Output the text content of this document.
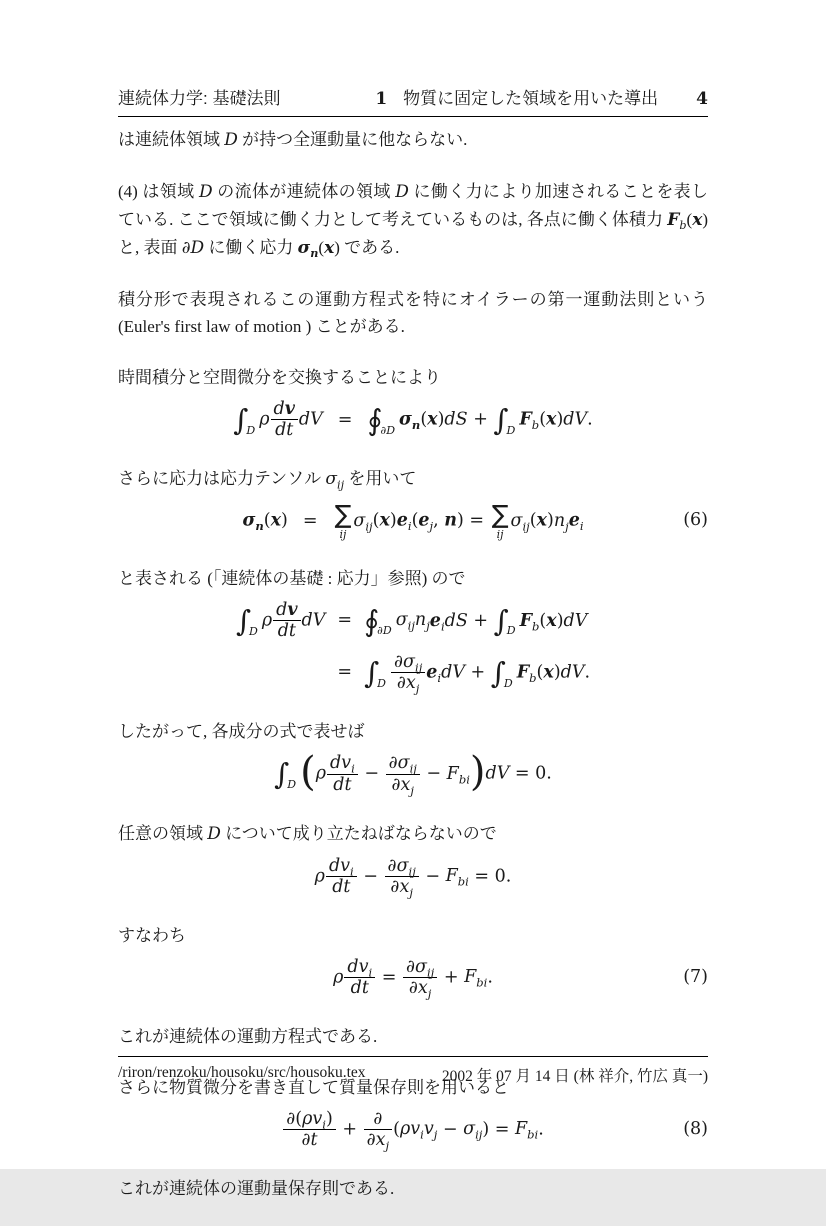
連続体力学: 基礎法則	1 物質に固定した領域を用いた導出 4

は連続体領域 D が持つ全運動量に他ならない.

(4) は領域 D の流体が連続体の領域 D に働く力により加速されることを表している. ここで領域に働く力として考えているものは, 各点に働く体積力 $F_b(x)$ と, 表面 ∂D に働く応力 $\sigma_n(x)$ である.

積分形で表現されるこの運動方程式を特にオイラーの第一運動法則という (Euler's first law of motion ) ことがある.

時間積分と空間微分を交換することにより

$\int D\rho \frac{dv}{dt}$ dV = $∮\partial D\sigma_n(x)dS + \int DF_b(x)dV$.

さらに応力は応力テンソル $\sigma_{ij}$ を用いて

$\sigma_n(x)$ = ∑
ij
$\sigma_{ij}(x)e_i(e_j$, n) = ∑
ij
$\sigma_{ij}(x)n_je_i$	(6)

と表される (「連続体の基礎 : 応力」参照) ので

$\int D\rho \frac{dv}{dt}$ dV = $∮\partial D\sigma_{ij}n_je_idS + \int DF_b(x)dV$
= ∫D
$\partial\sigma_{ij}$
$\partial x_j$
$e_idV + \int DF_b(x)dV$.

したがって, 各成分の式で表せば

∫D (ρ
$dv_i$
dt
−
$\partial\sigma_{ij}$
$\partial x_j$
− $F_{bi})dV = 0$.

任意の領域 D について成り立たねばならないので

ρ
$dv_i$
dt
−
$\partial\sigma_{ij}$
$\partial x_j$
− $F_{bi} = 0$.

すなわち

ρ
$dv_i$
dt
=
$\partial\sigma_{ij}$
$\partial x_j$
+ $F_{bi}$.	(7)

これが連続体の運動方程式である.

さらに物質微分を書き直して質量保存則を用いると

$\partial(\rho v_i)$
∂t
+
∂
$\partial x_j$
$(\rho v_iv_j - \sigma_{ij}) = F_{bi}$.	(8)

これが連続体の運動量保存則である.

/riron/renzoku/housoku/src/housoku.tex	2002 年 07 月 14 日 (林 祥介, 竹広 真一)
